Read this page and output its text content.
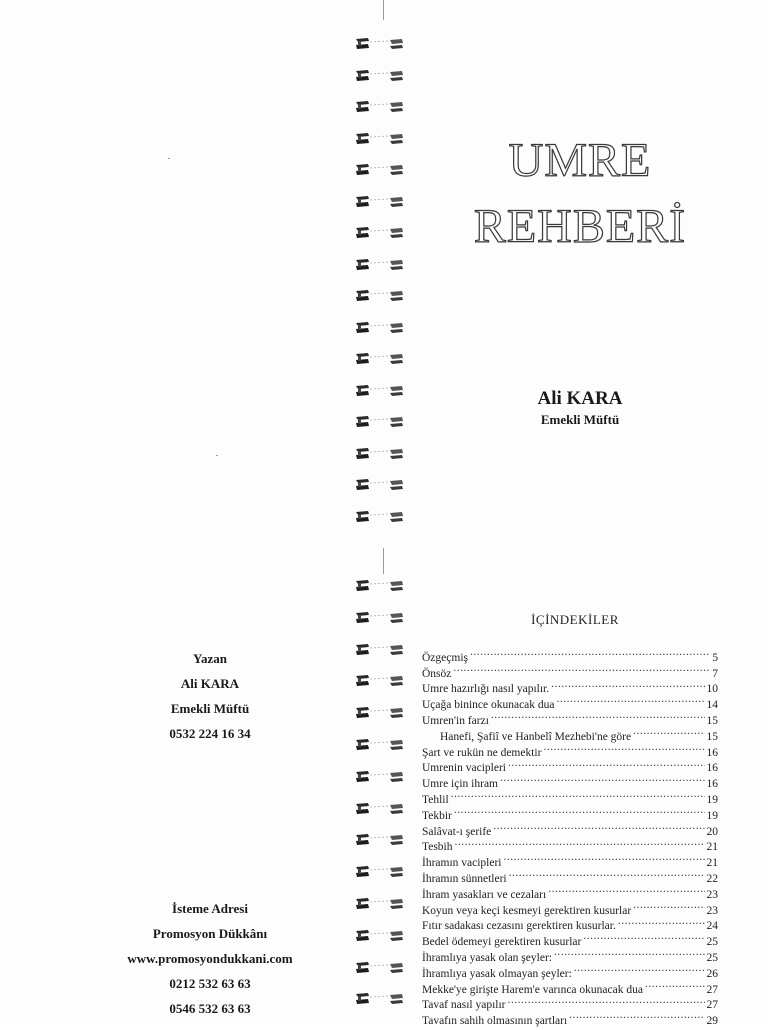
UMRE
REHBERİ
Ali KARA
Emekli Müftü
Yazan
Ali KARA
Emekli Müftü
0532 224 16 34
İsteme Adresi
Promosyon Dükkânı
www.promosyondukkani.com
0212 532 63 63
0546 532 63 63
İÇİNDEKİLER
Özgeçmiş .....	5
Önsöz .....	7
Umre hazırlığı nasıl yapılır. .....	10
Uçağa binince okunacak dua .....	14
Umren'in farzı .....	15
Hanefi, Şafiî ve Hanbelî Mezhebi'ne göre .....	15
Şart ve rukün ne demektir .....	16
Umrenin vacipleri .....	16
Umre için ihram .....	16
Tehlil .....	19
Tekbir .....	19
Salâvat-ı şerife .....	20
Tesbih .....	21
İhramın vacipleri .....	21
İhramın sünnetleri .....	22
İhram yasakları ve cezaları .....	23
Koyun veya keçi kesmeyi gerektiren kusurlar .....	23
Fıtır sadakası cezasını gerektiren kusurlar. .....	24
Bedel ödemeyi gerektiren kusurlar .....	25
İhramlıya yasak olan şeyler: .....	25
İhramlıya yasak olmayan şeyler: .....	26
Mekke'ye girişte Harem'e varınca okunacak dua .....	27
Tavaf nasıl yapılır .....	27
Tavafın sahih olmasının şartları .....	29
